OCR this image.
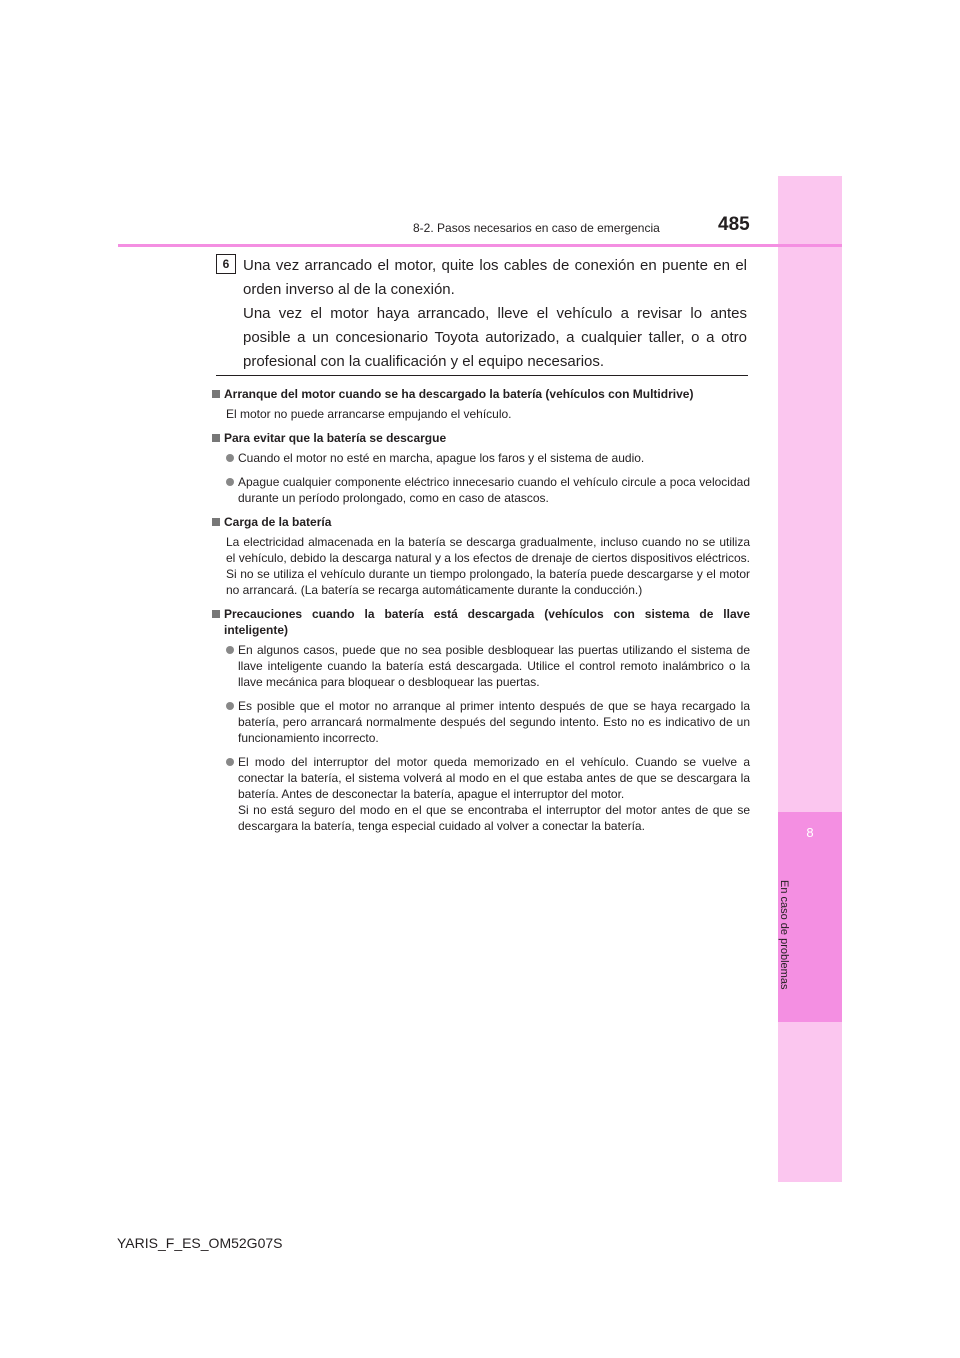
8
En caso de problemas
8-2. Pasos necesarios en caso de emergencia	485
6 Una vez arrancado el motor, quite los cables de conexión en puente en el orden inverso al de la conexión.
Una vez el motor haya arrancado, lleve el vehículo a revisar lo antes posible a un concesionario Toyota autorizado, a cualquier taller, o a otro profesional con la cualificación y el equipo necesarios.
Arranque del motor cuando se ha descargado la batería (vehículos con Multidrive)
El motor no puede arrancarse empujando el vehículo.
Para evitar que la batería se descargue
Cuando el motor no esté en marcha, apague los faros y el sistema de audio.
Apague cualquier componente eléctrico innecesario cuando el vehículo circule a poca velocidad durante un período prolongado, como en caso de atascos.
Carga de la batería
La electricidad almacenada en la batería se descarga gradualmente, incluso cuando no se utiliza el vehículo, debido la descarga natural y a los efectos de drenaje de ciertos dispositivos eléctricos. Si no se utiliza el vehículo durante un tiempo prolongado, la batería puede descargarse y el motor no arrancará. (La batería se recarga automáticamente durante la conducción.)
Precauciones cuando la batería está descargada (vehículos con sistema de llave inteligente)
En algunos casos, puede que no sea posible desbloquear las puertas utilizando el sistema de llave inteligente cuando la batería está descargada. Utilice el control remoto inalámbrico o la llave mecánica para bloquear o desbloquear las puertas.
Es posible que el motor no arranque al primer intento después de que se haya recargado la batería, pero arrancará normalmente después del segundo intento. Esto no es indicativo de un funcionamiento incorrecto.
El modo del interruptor del motor queda memorizado en el vehículo. Cuando se vuelve a conectar la batería, el sistema volverá al modo en el que estaba antes de que se descargara la batería. Antes de desconectar la batería, apague el interruptor del motor.
Si no está seguro del modo en el que se encontraba el interruptor del motor antes de que se descargara la batería, tenga especial cuidado al volver a conectar la batería.
YARIS_F_ES_OM52G07S
